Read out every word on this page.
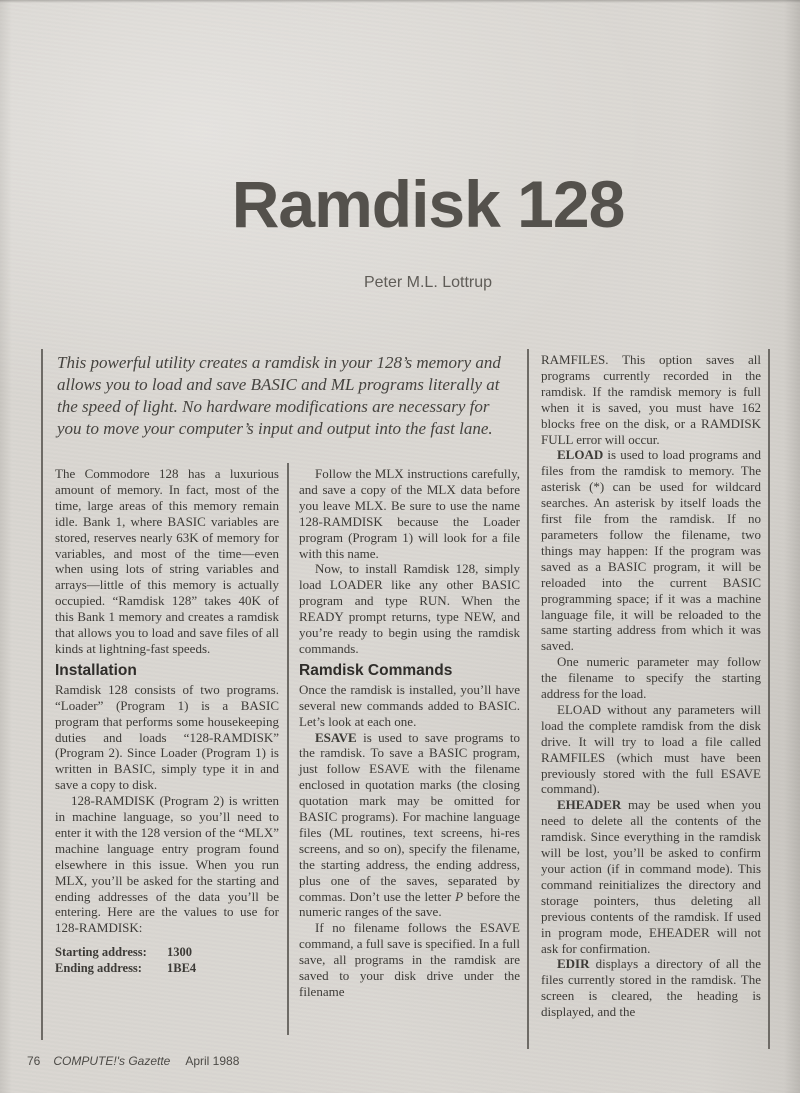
Ramdisk 128
Peter M.L. Lottrup
This powerful utility creates a ramdisk in your 128’s memory and allows you to load and save BASIC and ML programs literally at the speed of light. No hardware modifications are necessary for you to move your computer’s input and output into the fast lane.

The Commodore 128 has a luxurious amount of memory. In fact, most of the time, large areas of this memory remain idle. Bank 1, where BASIC variables are stored, reserves nearly 63K of memory for variables, and most of the time—even when using lots of string variables and arrays—little of this memory is actually occupied. “Ramdisk 128” takes 40K of this Bank 1 memory and creates a ramdisk that allows you to load and save files of all kinds at lightning-fast speeds.

Installation

Ramdisk 128 consists of two programs. “Loader” (Program 1) is a BASIC program that performs some housekeeping duties and loads “128-RAMDISK” (Program 2). Since Loader (Program 1) is written in BASIC, simply type it in and save a copy to disk.

128-RAMDISK (Program 2) is written in machine language, so you’ll need to enter it with the 128 version of the “MLX” machine language entry program found elsewhere in this issue. When you run MLX, you’ll be asked for the starting and ending addresses of the data you’ll be entering. Here are the values to use for 128-RAMDISK:

Starting address: 1300
Ending address: 1BE4

Follow the MLX instructions carefully, and save a copy of the MLX data before you leave MLX. Be sure to use the name 128-RAMDISK because the Loader program (Program 1) will look for a file with this name.

Now, to install Ramdisk 128, simply load LOADER like any other BASIC program and type RUN. When the READY prompt returns, type NEW, and you’re ready to begin using the ramdisk commands.

Ramdisk Commands

Once the ramdisk is installed, you’ll have several new commands added to BASIC. Let’s look at each one.

ESAVE is used to save programs to the ramdisk. To save a BASIC program, just follow ESAVE with the filename enclosed in quotation marks (the closing quotation mark may be omitted for BASIC programs). For machine language files (ML routines, text screens, hi-res screens, and so on), specify the filename, the starting address, the ending address, plus one of the saves, separated by commas. Don’t use the letter P before the numeric ranges of the save.

If no filename follows the ESAVE command, a full save is specified. In a full save, all programs in the ramdisk are saved to your disk drive under the filename

RAMFILES. This option saves all programs currently recorded in the ramdisk. If the ramdisk memory is full when it is saved, you must have 162 blocks free on the disk, or a RAMDISK FULL error will occur.

ELOAD is used to load programs and files from the ramdisk to memory. The asterisk (*) can be used for wildcard searches. An asterisk by itself loads the first file from the ramdisk. If no parameters follow the filename, two things may happen: If the program was saved as a BASIC program, it will be reloaded into the current BASIC programming space; if it was a machine language file, it will be reloaded to the same starting address from which it was saved.

One numeric parameter may follow the filename to specify the starting address for the load.

ELOAD without any parameters will load the complete ramdisk from the disk drive. It will try to load a file called RAMFILES (which must have been previously stored with the full ESAVE command).

EHEADER may be used when you need to delete all the contents of the ramdisk. Since everything in the ramdisk will be lost, you’ll be asked to confirm your action (if in command mode). This command reinitializes the directory and storage pointers, thus deleting all previous contents of the ramdisk. If used in program mode, EHEADER will not ask for confirmation.

EDIR displays a directory of all the files currently stored in the ramdisk. The screen is cleared, the heading is displayed, and the

76 COMPUTE!'s Gazette April 1988
